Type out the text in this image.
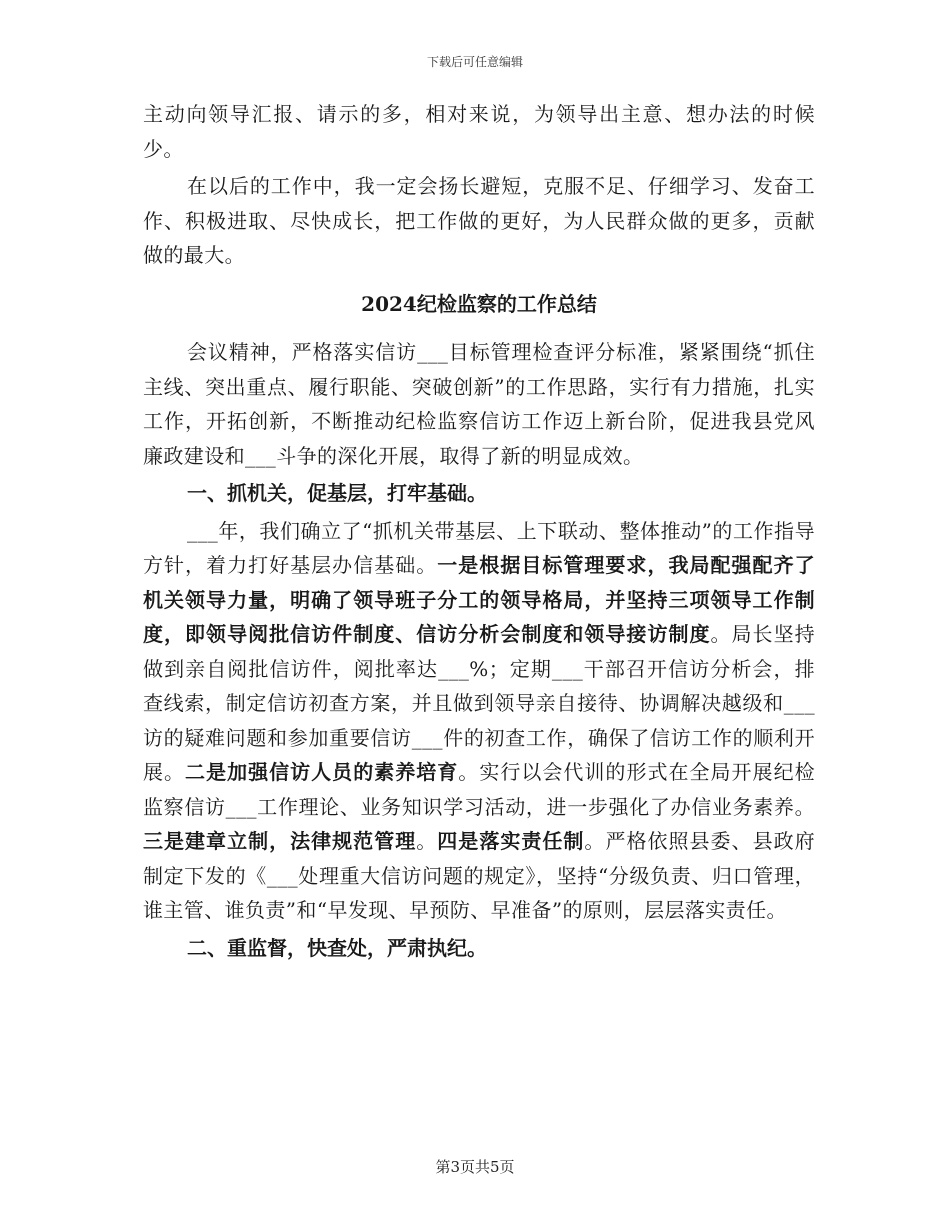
下载后可任意编辑

主动向领导汇报、请示的多，相对来说，为领导出主意、想办法的时候少。

在以后的工作中，我一定会扬长避短，克服不足、仔细学习、发奋工作、积极进取、尽快成长，把工作做的更好，为人民群众做的更多，贡献做的最大。

2024纪检监察的工作总结

会议精神，严格落实信访___目标管理检查评分标准，紧紧围绕“抓住主线、突出重点、履行职能、突破创新”的工作思路，实行有力措施，扎实工作，开拓创新，不断推动纪检监察信访工作迈上新台阶，促进我县党风廉政建设和___斗争的深化开展，取得了新的明显成效。

一、抓机关，促基层，打牢基础。

___年，我们确立了“抓机关带基层、上下联动、整体推动”的工作指导方针，着力打好基层办信基础。一是根据目标管理要求，我局配强配齐了机关领导力量，明确了领导班子分工的领导格局，并坚持三项领导工作制度，即领导阅批信访件制度、信访分析会制度和领导接访制度。局长坚持做到亲自阅批信访件，阅批率达___%；定期___干部召开信访分析会，排查线索，制定信访初查方案，并且做到领导亲自接待、协调解决越级和___访的疑难问题和参加重要信访___件的初查工作，确保了信访工作的顺利开展。二是加强信访人员的素养培育。实行以会代训的形式在全局开展纪检监察信访___工作理论、业务知识学习活动，进一步强化了办信业务素养。三是建章立制，法律规范管理。四是落实责任制。严格依照县委、县政府制定下发的《___处理重大信访问题的规定》，坚持“分级负责、归口管理，谁主管、谁负责”和“早发现、早预防、早准备”的原则，层层落实责任。

二、重监督，快查处，严肃执纪。
第3页共5页
